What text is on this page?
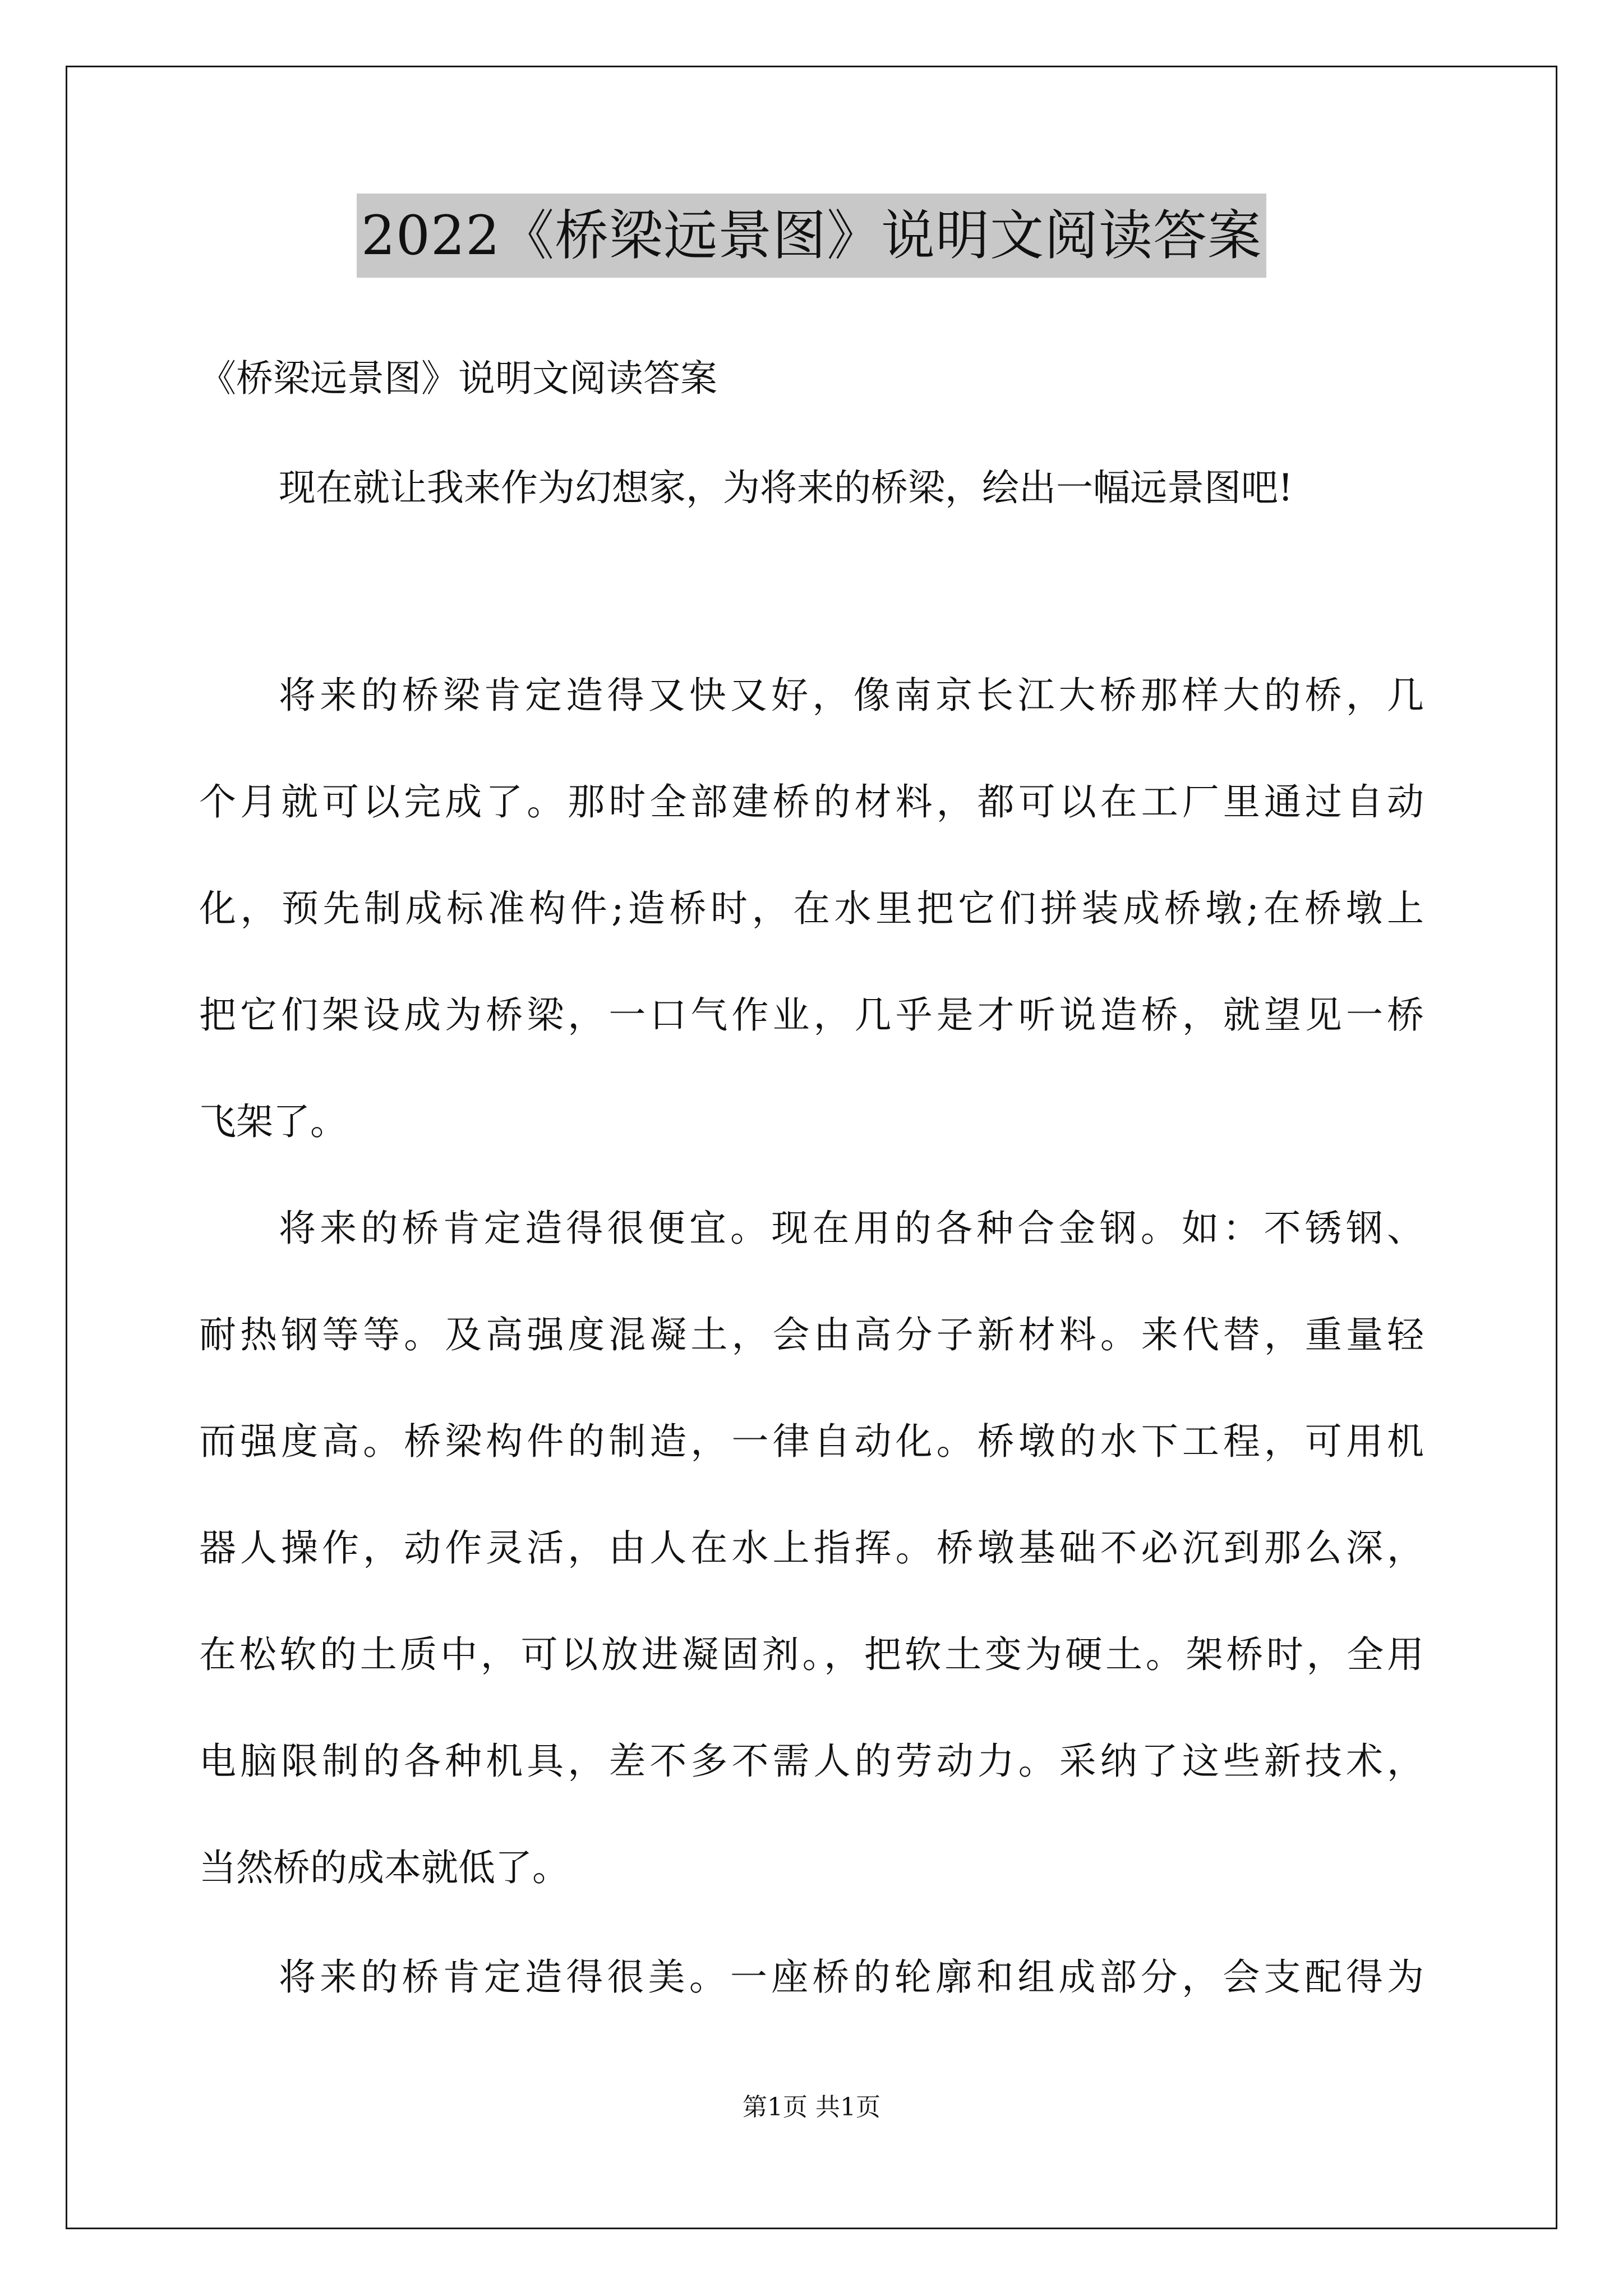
2022《桥梁远景图》说明文阅读答案
《桥梁远景图》说明文阅读答案
现在就让我来作为幻想家，为将来的桥梁，绘出一幅远景图吧!
将来的桥梁肯定造得又快又好，像南京长江大桥那样大的桥，几
个月就可以完成了。那时全部建桥的材料，都可以在工厂里通过自动
化，预先制成标准构件;造桥时，在水里把它们拼装成桥墩;在桥墩上
把它们架设成为桥梁，一口气作业，几乎是才听说造桥，就望见一桥
飞架了。
将来的桥肯定造得很便宜。现在用的各种合金钢。如：不锈钢、
耐热钢等等。及高强度混凝土，会由高分子新材料。来代替，重量轻
而强度高。桥梁构件的制造，一律自动化。桥墩的水下工程，可用机
器人操作，动作灵活，由人在水上指挥。桥墩基础不必沉到那么深，
在松软的土质中，可以放进凝固剂。，把软土变为硬土。架桥时，全用
电脑限制的各种机具，差不多不需人的劳动力。采纳了这些新技术，
当然桥的成本就低了。
将来的桥肯定造得很美。一座桥的轮廓和组成部分，会支配得为
第1页 共1页
